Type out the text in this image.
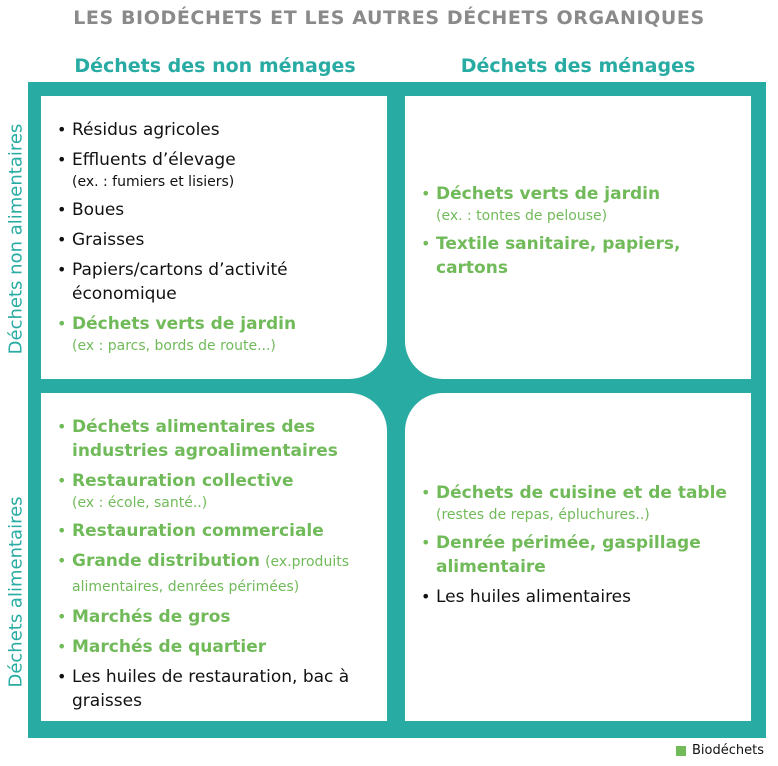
LES BIODÉCHETS ET LES AUTRES DÉCHETS ORGANIQUES
Déchets des non ménages	Déchets des ménages
Déchets non alimentaires
Déchets alimentaires
• Résidus agricoles
• Effluents d’élevage
(ex. : fumiers et lisiers)
• Boues
• Graisses
• Papiers/cartons d’activité économique
• Déchets verts de jardin
(ex : parcs, bords de route...)
• Déchets verts de jardin
(ex. : tontes de pelouse)
• Textile sanitaire, papiers, cartons
• Déchets alimentaires des industries agroalimentaires
• Restauration collective
(ex : école, santé..)
• Restauration commerciale
• Grande distribution (ex.produits alimentaires, denrées périmées)
• Marchés de gros
• Marchés de quartier
• Les huiles de restauration, bac à graisses
• Déchets de cuisine et de table
(restes de repas, épluchures..)
• Denrée périmée, gaspillage alimentaire
• Les huiles alimentaires
Biodéchets
